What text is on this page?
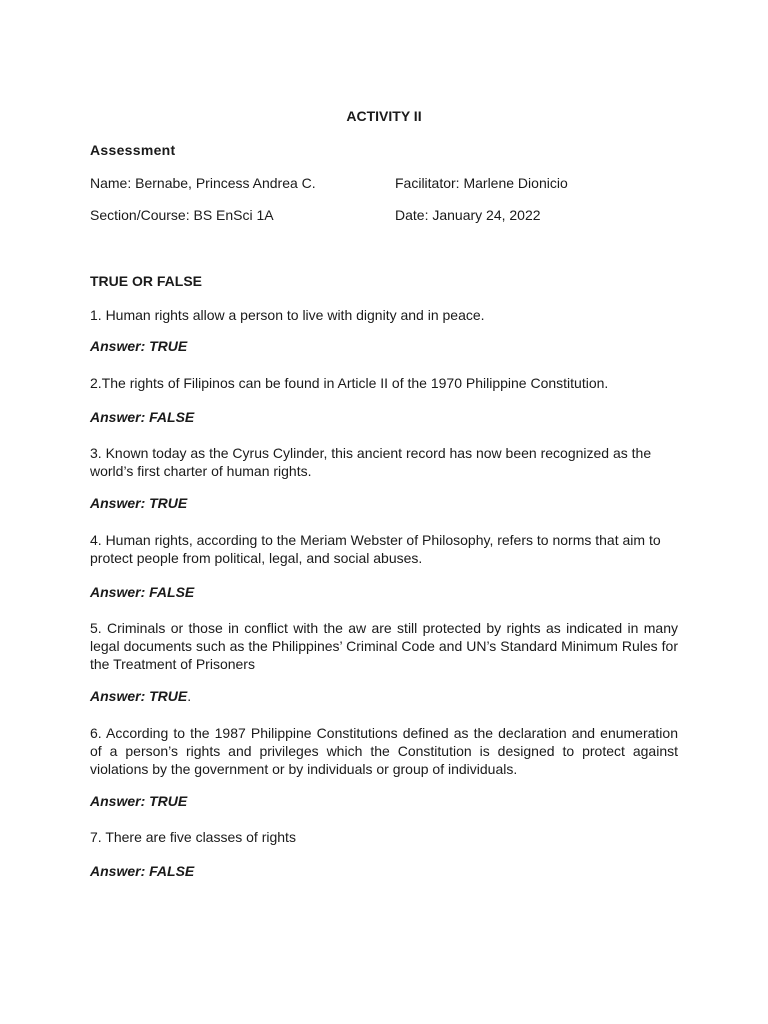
ACTIVITY II
Assessment
Name: Bernabe, Princess Andrea C.	Facilitator: Marlene Dionicio
Section/Course: BS EnSci 1A	Date: January 24, 2022
TRUE OR FALSE

1. Human rights allow a person to live with dignity and in peace.

Answer: TRUE

2.The rights of Filipinos can be found in Article II of the 1970 Philippine Constitution.

Answer: FALSE

3. Known today as the Cyrus Cylinder, this ancient record has now been recognized as the world’s first charter of human rights.

Answer: TRUE

4. Human rights, according to the Meriam Webster of Philosophy, refers to norms that aim to protect people from political, legal, and social abuses.

Answer: FALSE

5. Criminals or those in conflict with the aw are still protected by rights as indicated in many legal documents such as the Philippines’ Criminal Code and UN’s Standard Minimum Rules for the Treatment of Prisoners

Answer: TRUE.

6. According to the 1987 Philippine Constitutions defined as the declaration and enumeration of a person’s rights and privileges which the Constitution is designed to protect against violations by the government or by individuals or group of individuals.

Answer: TRUE

7. There are five classes of rights

Answer: FALSE
